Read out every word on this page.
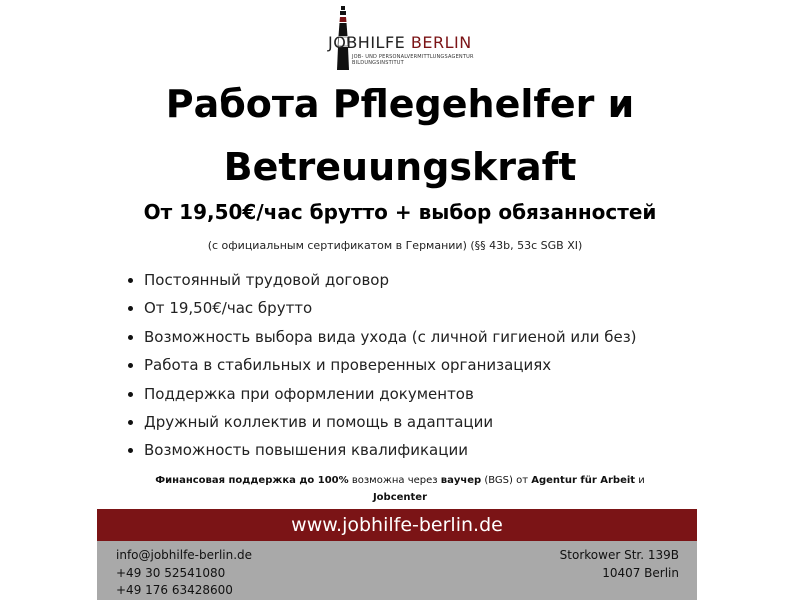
JOBHILFE BERLIN
JOB- UND PERSONALVERMITTLUNGSAGENTUR
BILDUNGSINSTITUT
Работа Pflegehelfer и
Betreuungskraft
От 19,50€/час брутто + выбор обязанностей
(с официальным сертификатом в Германии) (§§ 43b, 53c SGB XI)
Постоянный трудовой договор
От 19,50€/час брутто
Возможность выбора вида ухода (с личной гигиеной или без)
Работа в стабильных и проверенных организациях
Поддержка при оформлении документов
Дружный коллектив и помощь в адаптации
Возможность повышения квалификации
Финансовая поддержка до 100% возможна через ваучер (BGS) от Agentur für Arbeit и
Jobcenter
www.jobhilfe-berlin.de
info@jobhilfe-berlin.de
+49 30 52541080
+49 176 63428600
Storkower Str. 139B
10407 Berlin
